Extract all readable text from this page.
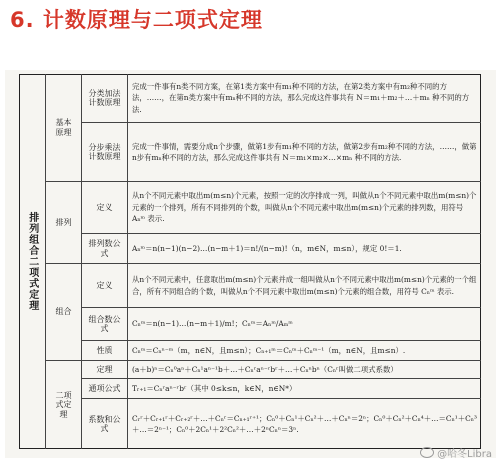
6. 计数原理与二项式定理
排列组合二项式定理
基本原理
排列
组合
二项式定理
分类加法计数原理
分步乘法计数原理
定义
排列数公式
定义
组合数公式
性质
定理
通项公式
系数和公式
完成一件事有n类不同方案，在第1类方案中有m₁种不同的方法，在第2类方案中有m₂种不同的方法，……，在第n类方案中有mₙ种不同的方法，那么完成这件事共有 N＝m₁＋m₂＋…＋mₙ 种不同的方法.
完成一件事情，需要分成n个步骤，做第1步有m₁种不同的方法，做第2步有m₂种不同的方法，……，做第n步有mₙ种不同的方法，那么完成这件事共有 N＝m₁×m₂×…×mₙ 种不同的方法.
从n个不同元素中取出m(m≤n)个元素，按照一定的次序排成一列，叫做从n个不同元素中取出m(m≤n)个元素的一个排列，所有不同排列的个数，叫做从n个不同元素中取出m(m≤n)个元素的排列数，用符号 Aₙᵐ 表示.
Aₙᵐ＝n(n−1)(n−2)…(n−m＋1)＝n!/(n−m)!（n，m∈N，m≤n），规定 0!＝1.
从n个不同元素中，任意取出m(m≤n)个元素并成一组叫做从n个不同元素中取出m(m≤n)个元素的一个组合，所有不同组合的个数，叫做从n个不同元素中取出m(m≤n)个元素的组合数，用符号 Cₙᵐ 表示.
Cₙᵐ＝n(n−1)…(n−m＋1)/m!；Cₙᵐ＝Aₙᵐ/Aₘᵐ
Cₙᵐ＝Cₙⁿ⁻ᵐ（m，n∈N，且m≤n）；Cₙ₊₁ᵐ＝Cₙᵐ＋Cₙᵐ⁻¹（m，n∈N，且m≤n）.
(a＋b)ⁿ＝Cₙ⁰aⁿ＋Cₙ¹aⁿ⁻¹b＋…＋Cₙʳaⁿ⁻ʳbʳ＋…＋Cₙⁿbⁿ（Cₙʳ叫做二项式系数）
Tᵣ₊₁＝Cₙʳaⁿ⁻ʳbʳ（其中 0≤k≤n，k∈N，n∈N*）
Cᵣʳ＋Cᵣ₊₁ʳ＋Cᵣ₊₂ʳ＋…＋Cₙʳ＝Cₙ₊₁ʳ⁺¹；Cₙ⁰＋Cₙ¹＋Cₙ²＋…＋Cₙⁿ＝2ⁿ；Cₙ⁰＋Cₙ²＋Cₙ⁴＋…＝Cₙ¹＋Cₙ³＋…＝2ⁿ⁻¹；Cₙ⁰＋2Cₙ¹＋2²Cₙ²＋…＋2ⁿCₙⁿ＝3ⁿ.
@哈冬Libra
